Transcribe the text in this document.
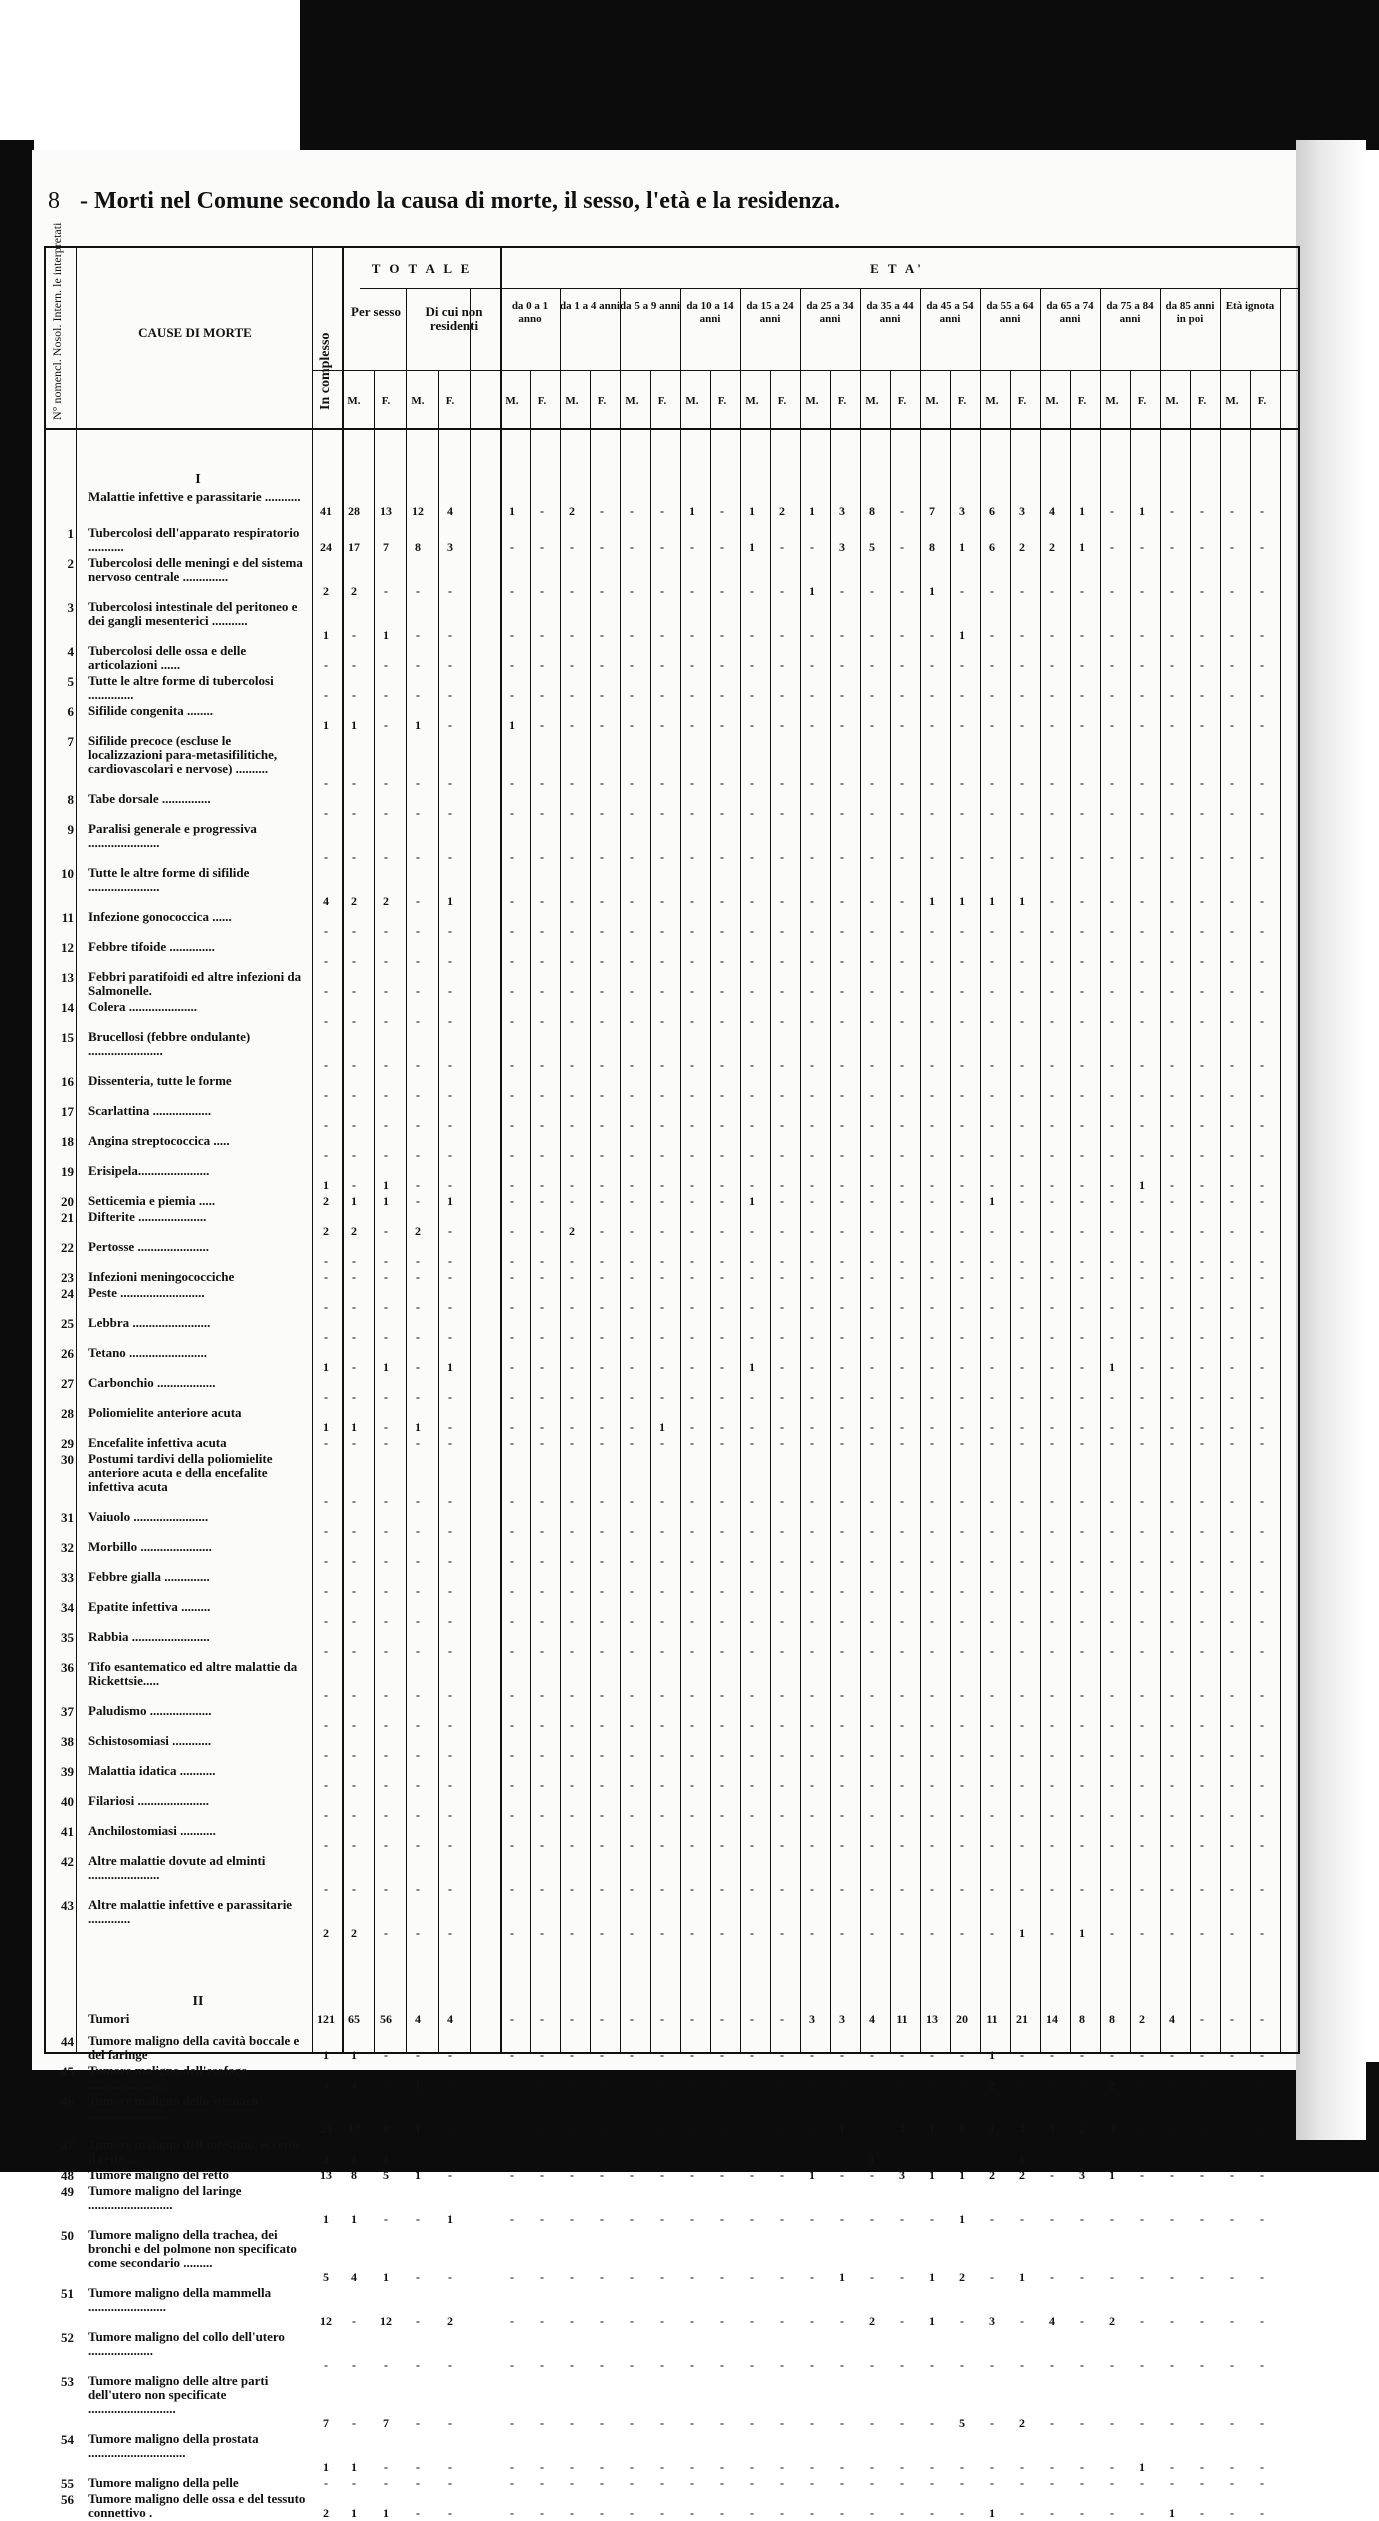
8 - Morti nel Comune secondo la causa di morte, il sesso, l'età e la residenza.
N° nomencl. Nosol. Intern. le interpretati	CAUSE DI MORTE
T O T A L E	E T A'
In complesso
Per sesso	Di cui non residenti
da 0 a 1 anno
da 1 a 4 anni da 5 a 9 anni da 10 a 14 anni
da 15 a 24 anni
da 25 a 34 anni
da 35 a 44 anni
da 45 a 54 anni
da 55 a 64 anni
da 65 a 74 anni
da 75 a 84 anni
da 85 anni in poi
Età ignota
M.	F.	M.	F.	M.	F.	M.	F.	M.	F.	M.	F.	M.	F.	M.	F.	M.	F.	M.	F.	M.	F.	M.	F.	M.	F.	M.	F.	M.	F.
I
Malattie infettive e parassitarie ...........
41	28	13	12	4	1	-	2	-	-	-	1	-	1	2	1	3	8	-	7	3	6	3	4	1	-	1	-	-	-	-
1 Tubercolosi dell'apparato respiratorio ...........	24	17	7	8	3	-	-	-	-	-	-	-	-	1	-	-	3	5	-	8	1	6	2	2	1	-	-	-	-	-	-
2 Tubercolosi delle meningi e del sistema nervoso centrale ..............
2	2	-	-	-	-	-	-	-	-	-	-	-	-	-	1	-	-	-	1	-	-	-	-	-	-	-	-	-	-	-
3 Tubercolosi intestinale del peritoneo e dei gangli mesenterici ...........
1	-	1	-	-	-	-	-	-	-	-	-	-	-	-	-	-	-	-	-	1	-	-	-	-	-	-	-	-	-	-
4 Tubercolosi delle ossa e delle articolazioni ......	-	-	-	-	-	-	-	-	-	-	-	-	-	-	-	-	-	-	-	-	-	-	-	-	-	-	-	-	-	-	-
5 Tutte le altre forme di tubercolosi ..............	-	-	-	-	-	-	-	-	-	-	-	-	-	-	-	-	-	-	-	-	-	-	-	-	-	-	-	-	-	-	-
6 Sifilide congenita ........
1	1	-	1	-	1	-	-	-	-	-	-	-	-	-	-	-	-	-	-	-	-	-	-	-	-	-	-	-	-	-
7 Sifilide precoce (escluse le localizzazioni para-metasifilitiche, cardiovascolari e nervose) ..........
-	-	-	-	-	-	-	-	-	-	-	-	-	-	-	-	-	-	-	-	-	-	-	-	-	-	-	-	-	-	-
8 Tabe dorsale ...............
-	-	-	-	-	-	-	-	-	-	-	-	-	-	-	-	-	-	-	-	-	-	-	-	-	-	-	-	-	-	-
9 Paralisi generale e progressiva ......................
-	-	-	-	-	-	-	-	-	-	-	-	-	-	-	-	-	-	-	-	-	-	-	-	-	-	-	-	-	-	-
10 Tutte le altre forme di sifilide ......................
4	2	2	-	1	-	-	-	-	-	-	-	-	-	-	-	-	-	-	1	1	1	1	-	-	-	-	-	-	-	-
11 Infezione gonococcica ......
-	-	-	-	-	-	-	-	-	-	-	-	-	-	-	-	-	-	-	-	-	-	-	-	-	-	-	-	-	-	-
12 Febbre tifoide ..............
-	-	-	-	-	-	-	-	-	-	-	-	-	-	-	-	-	-	-	-	-	-	-	-	-	-	-	-	-	-	-
13 Febbri paratifoidi ed altre infezioni da Salmonelle.	-	-	-	-	-	-	-	-	-	-	-	-	-	-	-	-	-	-	-	-	-	-	-	-	-	-	-	-	-	-	-
14 Colera .....................
-	-	-	-	-	-	-	-	-	-	-	-	-	-	-	-	-	-	-	-	-	-	-	-	-	-	-	-	-	-	-
15 Brucellosi (febbre ondulante) .......................
-	-	-	-	-	-	-	-	-	-	-	-	-	-	-	-	-	-	-	-	-	-	-	-	-	-	-	-	-	-	-
16 Dissenteria, tutte le forme
-	-	-	-	-	-	-	-	-	-	-	-	-	-	-	-	-	-	-	-	-	-	-	-	-	-	-	-	-	-	-
17 Scarlattina ..................
-	-	-	-	-	-	-	-	-	-	-	-	-	-	-	-	-	-	-	-	-	-	-	-	-	-	-	-	-	-	-
18 Angina streptococcica .....
-	-	-	-	-	-	-	-	-	-	-	-	-	-	-	-	-	-	-	-	-	-	-	-	-	-	-	-	-	-	-
19 Erisipela......................
1	-	1	-	-	-	-	-	-	-	-	-	-	-	-	-	-	-	-	-	-	-	-	-	-	-	1	-	-	-	-
20 Setticemia e piemia .....	2	1	1	-	1	-	-	-	-	-	-	-	-	1	-	-	-	-	-	-	-	1	-	-	-	-	-	-	-	-	-
21 Difterite .....................
2	2	-	2	-	-	-	2	-	-	-	-	-	-	-	-	-	-	-	-	-	-	-	-	-	-	-	-	-	-	-
22 Pertosse ......................
-	-	-	-	-	-	-	-	-	-	-	-	-	-	-	-	-	-	-	-	-	-	-	-	-	-	-	-	-	-	-
23 Infezioni meningococciche	-	-	-	-	-	-	-	-	-	-	-	-	-	-	-	-	-	-	-	-	-	-	-	-	-	-	-	-	-	-	-
24 Peste ..........................
-	-	-	-	-	-	-	-	-	-	-	-	-	-	-	-	-	-	-	-	-	-	-	-	-	-	-	-	-	-	-
25 Lebbra ........................
-	-	-	-	-	-	-	-	-	-	-	-	-	-	-	-	-	-	-	-	-	-	-	-	-	-	-	-	-	-	-
26 Tetano ........................
1	-	1	-	1	-	-	-	-	-	-	-	-	1	-	-	-	-	-	-	-	-	-	-	-	1	-	-	-	-	-
27 Carbonchio ..................
-	-	-	-	-	-	-	-	-	-	-	-	-	-	-	-	-	-	-	-	-	-	-	-	-	-	-	-	-	-	-
28 Poliomielite anteriore acuta
1	1	-	1	-	-	-	-	-	-	1	-	-	-	-	-	-	-	-	-	-	-	-	-	-	-	-	-	-	-	-
29 Encefalite infettiva acuta	-	-	-	-	-	-	-	-	-	-	-	-	-	-	-	-	-	-	-	-	-	-	-	-	-	-	-	-	-	-	-
30 Postumi tardivi della poliomielite anteriore acuta e della encefalite infettiva acuta
-	-	-	-	-	-	-	-	-	-	-	-	-	-	-	-	-	-	-	-	-	-	-	-	-	-	-	-	-	-	-
31 Vaiuolo .......................
-	-	-	-	-	-	-	-	-	-	-	-	-	-	-	-	-	-	-	-	-	-	-	-	-	-	-	-	-	-	-
32 Morbillo ......................
-	-	-	-	-	-	-	-	-	-	-	-	-	-	-	-	-	-	-	-	-	-	-	-	-	-	-	-	-	-	-
33 Febbre gialla ..............
-	-	-	-	-	-	-	-	-	-	-	-	-	-	-	-	-	-	-	-	-	-	-	-	-	-	-	-	-	-	-
34 Epatite infettiva .........
-	-	-	-	-	-	-	-	-	-	-	-	-	-	-	-	-	-	-	-	-	-	-	-	-	-	-	-	-	-	-
35 Rabbia ........................
-	-	-	-	-	-	-	-	-	-	-	-	-	-	-	-	-	-	-	-	-	-	-	-	-	-	-	-	-	-	-
36 Tifo esantematico ed altre malattie da Rickettsie.....
-	-	-	-	-	-	-	-	-	-	-	-	-	-	-	-	-	-	-	-	-	-	-	-	-	-	-	-	-	-	-
37 Paludismo ...................
-	-	-	-	-	-	-	-	-	-	-	-	-	-	-	-	-	-	-	-	-	-	-	-	-	-	-	-	-	-	-
38 Schistosomiasi ............
-	-	-	-	-	-	-	-	-	-	-	-	-	-	-	-	-	-	-	-	-	-	-	-	-	-	-	-	-	-	-
39 Malattia idatica ...........
-	-	-	-	-	-	-	-	-	-	-	-	-	-	-	-	-	-	-	-	-	-	-	-	-	-	-	-	-	-	-
40 Filariosi ......................
-	-	-	-	-	-	-	-	-	-	-	-	-	-	-	-	-	-	-	-	-	-	-	-	-	-	-	-	-	-	-
41 Anchilostomiasi ...........
-	-	-	-	-	-	-	-	-	-	-	-	-	-	-	-	-	-	-	-	-	-	-	-	-	-	-	-	-	-	-
42 Altre malattie dovute ad elminti ......................
-	-	-	-	-	-	-	-	-	-	-	-	-	-	-	-	-	-	-	-	-	-	-	-	-	-	-	-	-	-	-
43 Altre malattie infettive e parassitarie .............
2	2	-	-	-	-	-	-	-	-	-	-	-	-	-	-	-	-	-	-	-	-	1	-	1	-	-	-	-	-	-
II
Tumori	121	65	56	4	4	-	-	-	-	-	-	-	-	-	-	3	3	4	11	13	20	11	21	14	8	8	2	4	-	-	-
44 Tumore maligno della cavità boccale e del faringe	1	1	-	-	-	-	-	-	-	-	-	-	-	-	-	-	-	-	-	-	-	1	-	-	-	-	-	-	-	-	-
45 Tumore maligno dell'esofago ........................	4	4	-	1	-	-	-	-	-	-	-	-	-	-	-	-	-	-	-	-	-	2	-	-	-	2	-	-	-	-	-
46 Tumore maligno dello stomaco .........................
25	17	8	1	-	-	-	-	-	-	-	-	-	-	-	-	1	-	4	1	6	1	4	3	2	3	-	-	-	-	-
47 Tumore maligno dell'intestino, eccetto il retto.....	2	1	1	-	-	-	-	-	-	-	-	-	-	-	-	-	-	1	-	-	-	-	1	-	-	-	-	-	-	-	-
48 Tumore maligno del retto	13	8	5	1	-	-	-	-	-	-	-	-	-	-	-	1	-	-	3	1	1	2	2	-	3	1	-	-	-	-	-
49 Tumore maligno del laringe ..........................
1	1	-	-	1	-	-	-	-	-	-	-	-	-	-	-	-	-	-	-	1	-	-	-	-	-	-	-	-	-	-
50 Tumore maligno della trachea, dei bronchi e del polmone non specificato come secondario .........
5	4	1	-	-	-	-	-	-	-	-	-	-	-	-	-	1	-	-	1	2	-	1	-	-	-	-	-	-	-	-
51 Tumore maligno della mammella ........................
12	-	12	-	2	-	-	-	-	-	-	-	-	-	-	-	-	2	-	1	-	3	-	4	-	2	-	-	-	-	-
52 Tumore maligno del collo dell'utero ....................
-	-	-	-	-	-	-	-	-	-	-	-	-	-	-	-	-	-	-	-	-	-	-	-	-	-	-	-	-	-	-
53 Tumore maligno delle altre parti dell'utero non specificate ...........................
7	-	7	-	-	-	-	-	-	-	-	-	-	-	-	-	-	-	-	-	5	-	2	-	-	-	-	-	-	-	-
54 Tumore maligno della prostata ..............................
1	1	-	-	-	-	-	-	-	-	-	-	-	-	-	-	-	-	-	-	-	-	-	-	-	-	1	-	-	-	-
55 Tumore maligno della pelle	-	-	-	-	-	-	-	-	-	-	-	-	-	-	-	-	-	-	-	-	-	-	-	-	-	-	-	-	-	-	-
56 Tumore maligno delle ossa e del tessuto connettivo .	2	1	1	-	-	-	-	-	-	-	-	-	-	-	-	-	-	-	-	-	-	1	-	-	-	-	-	1	-	-	-
